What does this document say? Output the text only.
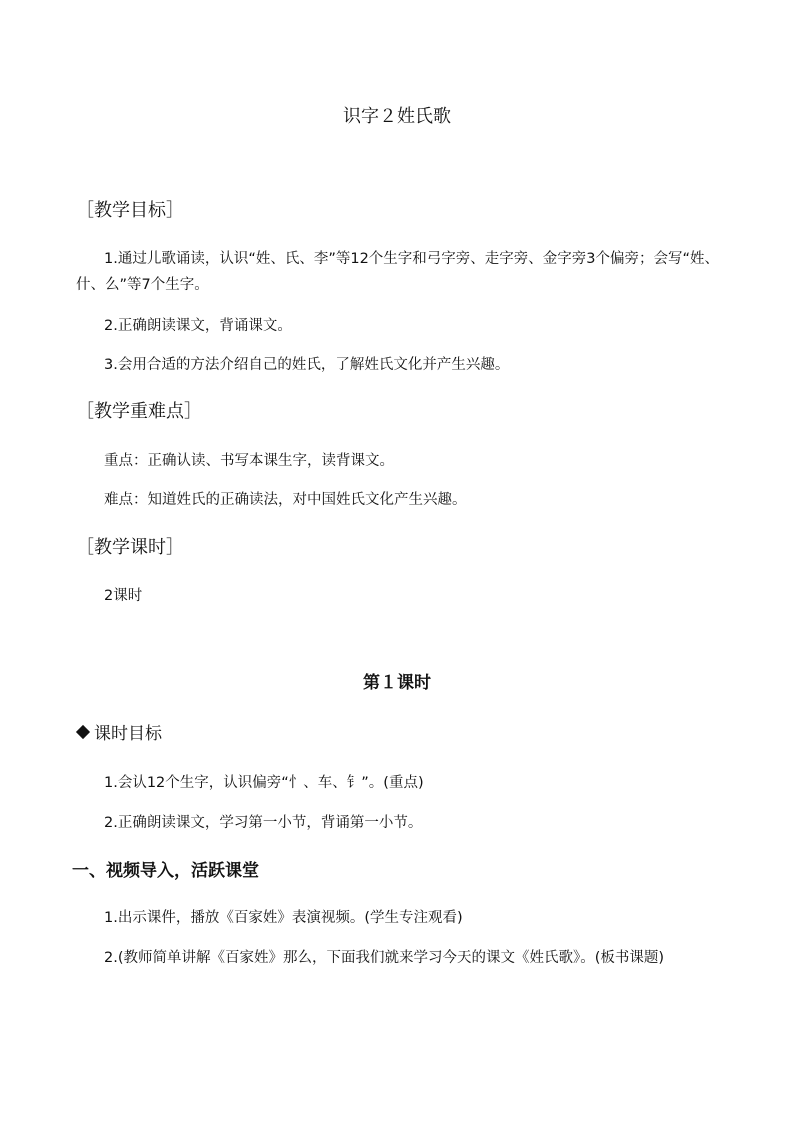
识字２姓氏歌
［教学目标］
1.通过儿歌诵读，认识“姓、氏、李”等12个生字和弓字旁、走字旁、金字旁3个偏旁；会写“姓、什、么”等7个生字。
2.正确朗读课文，背诵课文。
3.会用合适的方法介绍自己的姓氏，了解姓氏文化并产生兴趣。
［教学重难点］
重点：正确认读、书写本课生字，读背课文。
难点：知道姓氏的正确读法，对中国姓氏文化产生兴趣。
［教学课时］
2课时
第１课时
课时目标
1.会认12个生字，认识偏旁“⺖、⻋、钅”。(重点)
2.正确朗读课文，学习第一小节，背诵第一小节。
一、视频导入，活跃课堂
1.出示课件，播放《百家姓》表演视频。(学生专注观看)
2.(教师简单讲解《百家姓》那么，下面我们就来学习今天的课文《姓氏歌》。(板书课题)
